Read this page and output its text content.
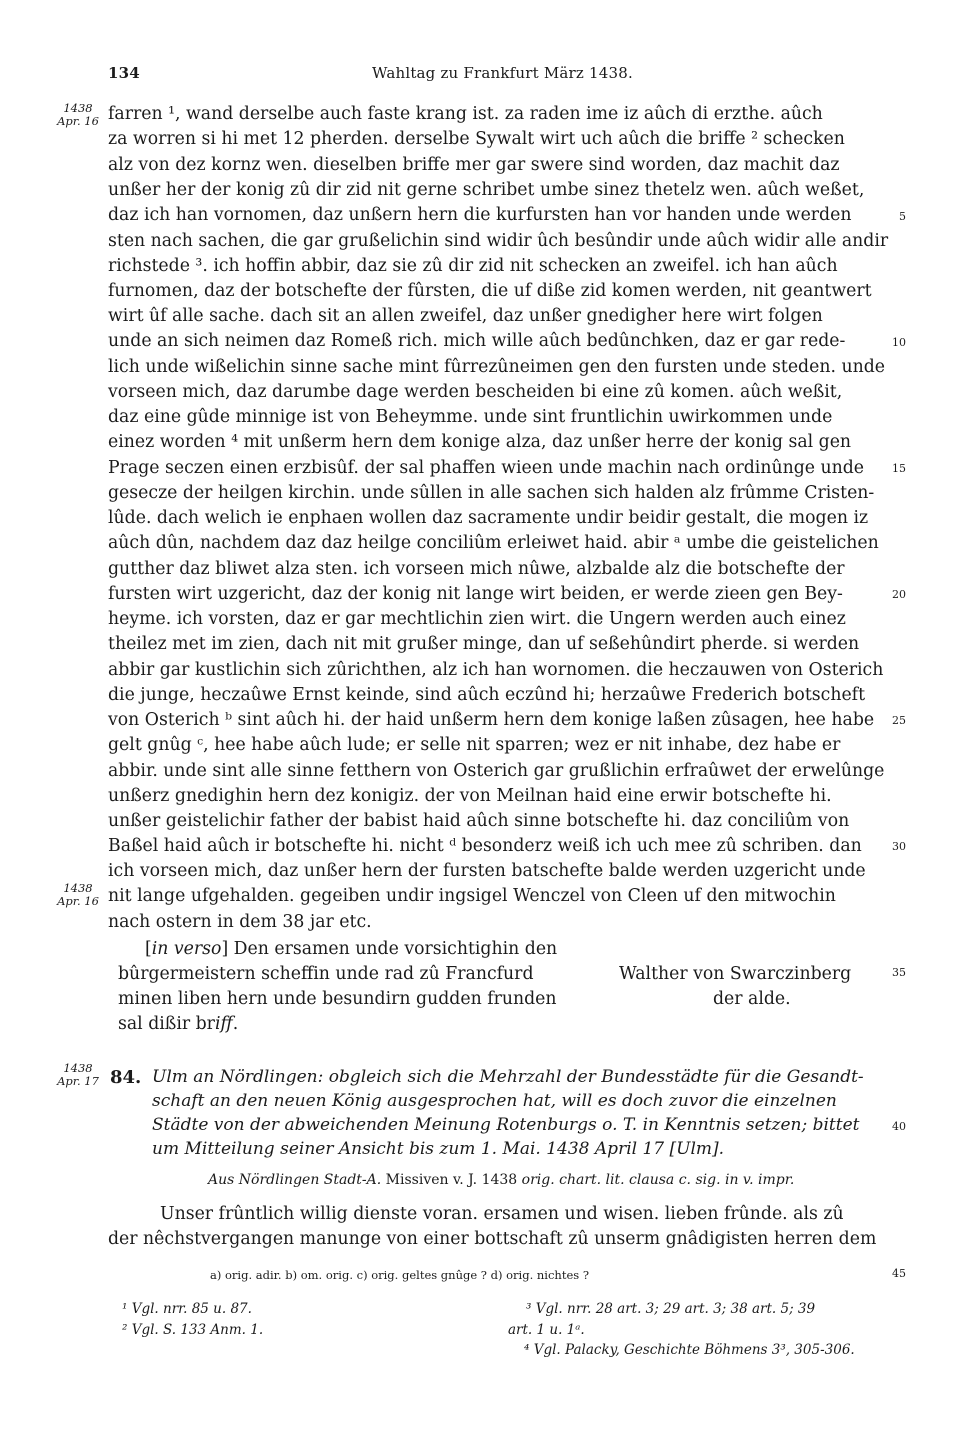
134	Wahltag zu Frankfurt März 1438.
1438
Apr. 16
1438
Apr. 16
1438
Apr. 17
farren ¹, wand derselbe auch faste krang ist. za raden ime iz aûch di erzthe. aûch
za worren si hi met 12 pherden. derselbe Sywalt wirt uch aûch die briffe ² schecken
alz von dez kornz wen. dieselben briffe mer gar swere sind worden, daz machit daz
unßer her der konig zû dir zid nit gerne schribet umbe sinez thetelz wen. aûch weßet,
daz ich han vornomen, daz unßern hern die kurfursten han vor handen unde werden
sten nach sachen, die gar grußelichin sind widir ûch besûndir unde aûch widir alle andir
richstede ³. ich hoffin abbir, daz sie zû dir zid nit schecken an zweifel. ich han aûch
furnomen, daz der botschefte der fûrsten, die uf diße zid komen werden, nit geantwert
wirt ûf alle sache. dach sit an allen zweifel, daz unßer gnedigher here wirt folgen
unde an sich neimen daz Romeß rich. mich wille aûch bedûnchken, daz er gar rede-
lich unde wißelichin sinne sache mint fûrrezûneimen gen den fursten unde steden. unde
vorseen mich, daz darumbe dage werden bescheiden bi eine zû komen. aûch weßit,
daz eine gûde minnige ist von Beheymme. unde sint fruntlichin uwirkommen unde
einez worden ⁴ mit unßerm hern dem konige alza, daz unßer herre der konig sal gen
Prage seczen einen erzbisûf. der sal phaffen wieen unde machin nach ordinûnge unde
gesecze der heilgen kirchin. unde sûllen in alle sachen sich halden alz frûmme Cristen-
lûde. dach welich ie enphaen wollen daz sacramente undir beidir gestalt, die mogen iz
aûch dûn, nachdem daz daz heilge conciliûm erleiwet haid. abir ᵃ umbe die geistelichen
gutther daz bliwet alza sten. ich vorseen mich nûwe, alzbalde alz die botschefte der
fursten wirt uzgericht, daz der konig nit lange wirt beiden, er werde zieen gen Bey-
heyme. ich vorsten, daz er gar mechtlichin zien wirt. die Ungern werden auch einez
theilez met im zien, dach nit mit grußer minge, dan uf seßehûndirt pherde. si werden
abbir gar kustlichin sich zûrichthen, alz ich han wornomen. die heczauwen von Osterich
die junge, heczaûwe Ernst keinde, sind aûch eczûnd hi; herzaûwe Frederich botscheft
von Osterich ᵇ sint aûch hi. der haid unßerm hern dem konige laßen zûsagen, hee habe
gelt gnûg ᶜ, hee habe aûch lude; er selle nit sparren; wez er nit inhabe, dez habe er
abbir. unde sint alle sinne fetthern von Osterich gar grußlichin erfraûwet der erwelûnge
unßerz gnedighin hern dez konigiz. der von Meilnan haid eine erwir botschefte hi.
unßer geistelichir father der babist haid aûch sinne botschefte hi. daz conciliûm von
Baßel haid aûch ir botschefte hi. nicht ᵈ besonderz weiß ich uch mee zû schriben. dan
ich vorseen mich, daz unßer hern der fursten batschefte balde werden uzgericht unde
nit lange ufgehalden. gegeiben undir ingsigel Wenczel von Cleen uf den mitwochin
nach ostern in dem 38 jar etc.
5
10
15
20
25
30
35
40
45
[in verso] Den ersamen unde vorsichtighin den
bûrgermeistern scheffin unde rad zû Francfurd
minen liben hern unde besundirn gudden frunden
sal dißir briff.
Walther von Swarczinberg
der alde.
84. Ulm an Nördlingen: obgleich sich die Mehrzahl der Bundesstädte für die Gesandt-
schaft an den neuen König ausgesprochen hat, will es doch zuvor die einzelnen
Städte von der abweichenden Meinung Rotenburgs o. T. in Kenntnis setzen; bittet
um Mitteilung seiner Ansicht bis zum 1. Mai. 1438 April 17 [Ulm].
Aus Nördlingen Stadt-A. Missiven v. J. 1438 orig. chart. lit. clausa c. sig. in v. impr.
Unser frûntlich willig dienste voran. ersamen und wisen. lieben frûnde. als zû
der nêchstvergangen manunge von einer bottschaft zû unserm gnâdigisten herren dem
a) orig. adir. b) om. orig. c) orig. geltes gnûge ? d) orig. nichtes ?
¹ Vgl. nrr. 85 u. 87.
² Vgl. S. 133 Anm. 1.
³ Vgl. nrr. 28 art. 3; 29 art. 3; 38 art. 5; 39
art. 1 u. 1ᵃ.
⁴ Vgl. Palacky, Geschichte Böhmens 3³, 305-306.
